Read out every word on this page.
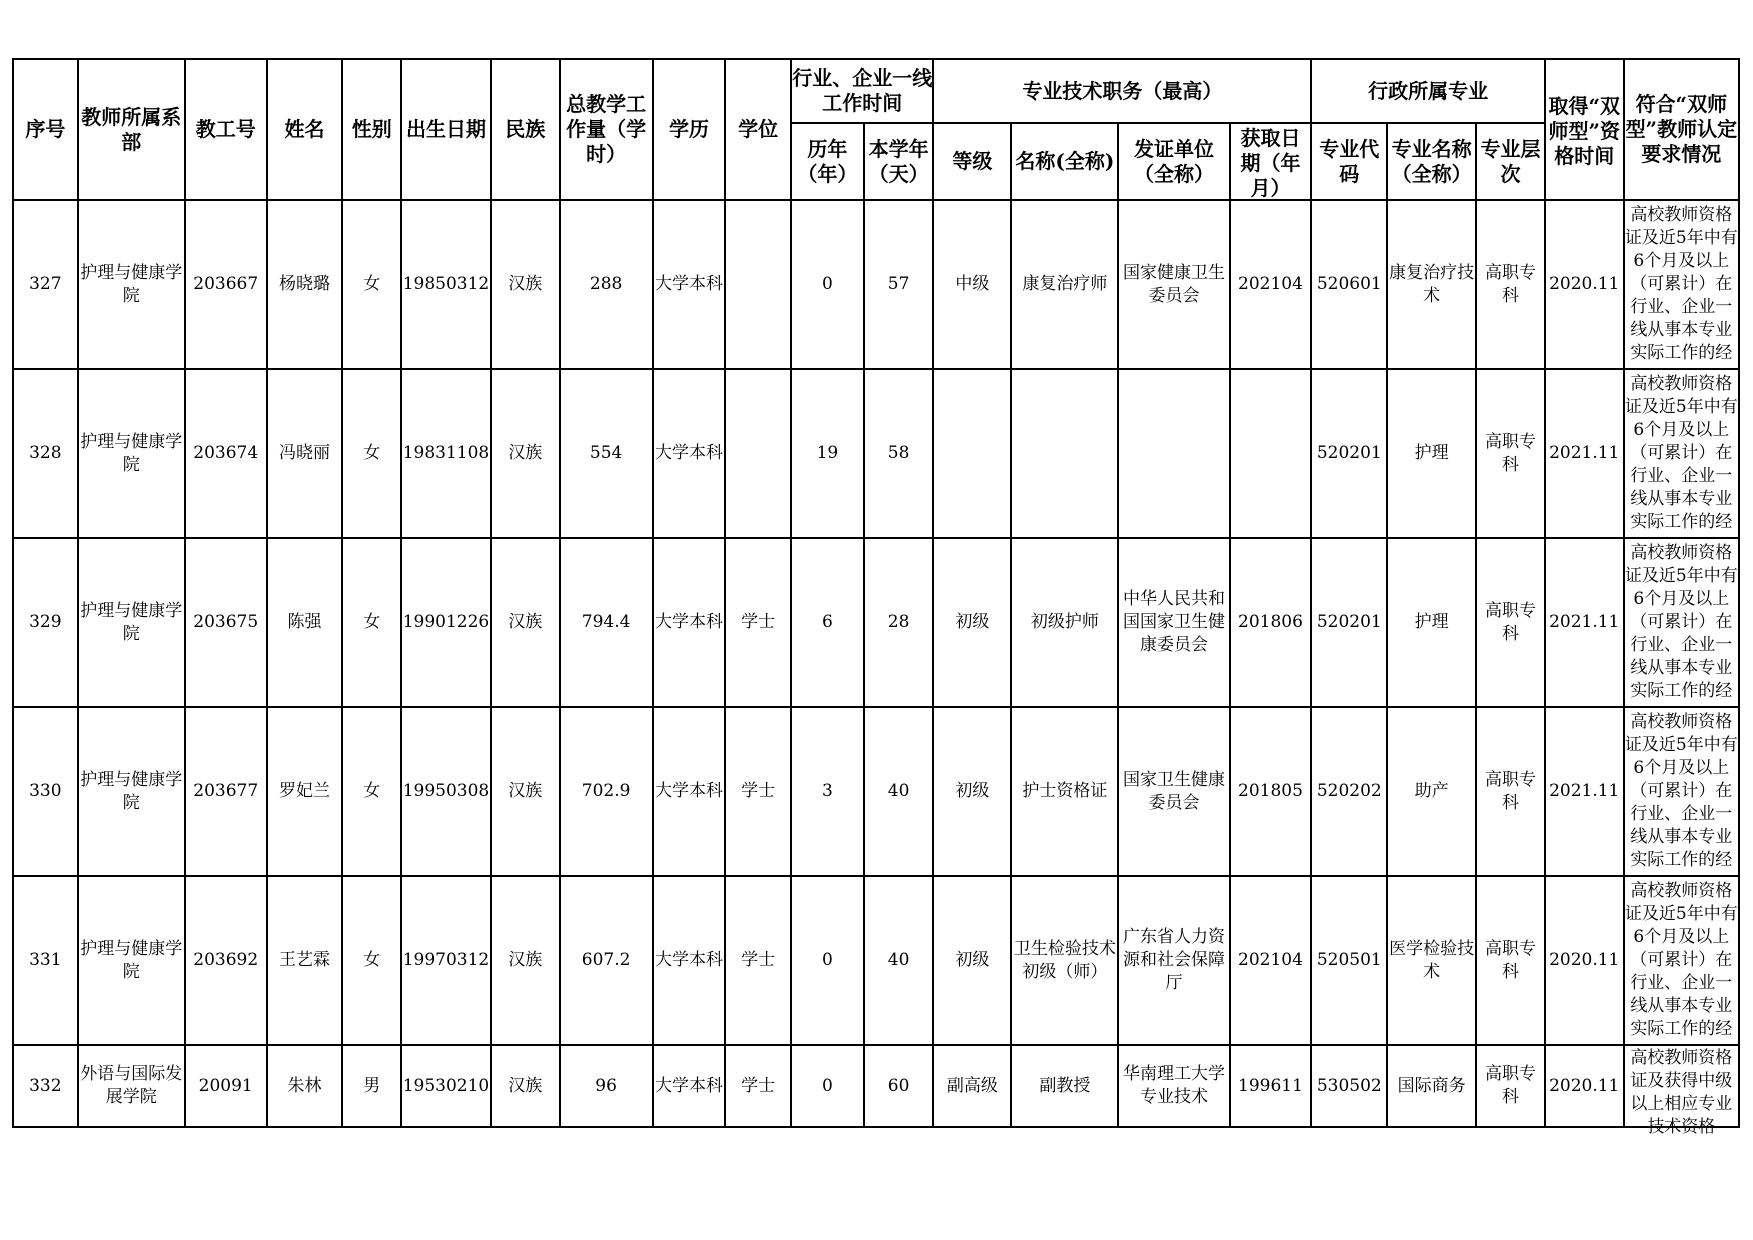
序号	教师所属系部	教工号	姓名	性别	出生日期	民族	总教学工作量（学时）	学历	学位	行业、企业一线工作时间		专业技术职务（最高）				行政所属专业			取得“双师型”资格时间	符合“双师型”教师认定要求情况

										历年（年）	本学年（天）	等级	名称(全称)	发证单位（全称）	获取日期（年月）	专业代码	专业名称（全称）	专业层次		

327	护理与健康学院	203667	杨晓璐	女	19850312	汉族	288	大学本科		0	57	中级	康复治疗师	国家健康卫生委员会	202104	520601	康复治疗技术	高职专科	2020.11	高校教师资格证及近5年中有6个月及以上（可累计）在行业、企业一线从事本专业实际工作的经

328	护理与健康学院	203674	冯晓丽	女	19831108	汉族	554	大学本科		19	58					520201	护理	高职专科	2021.11	高校教师资格证及近5年中有6个月及以上（可累计）在行业、企业一线从事本专业实际工作的经

329	护理与健康学院	203675	陈强	女	19901226	汉族	794.4	大学本科	学士	6	28	初级	初级护师	中华人民共和国国家卫生健康委员会	201806	520201	护理	高职专科	2021.11	高校教师资格证及近5年中有6个月及以上（可累计）在行业、企业一线从事本专业实际工作的经

330	护理与健康学院	203677	罗妃兰	女	19950308	汉族	702.9	大学本科	学士	3	40	初级	护士资格证	国家卫生健康委员会	201805	520202	助产	高职专科	2021.11	高校教师资格证及近5年中有6个月及以上（可累计）在行业、企业一线从事本专业实际工作的经

331	护理与健康学院	203692	王艺霖	女	19970312	汉族	607.2	大学本科	学士	0	40	初级	卫生检验技术初级（师）	广东省人力资源和社会保障厅	202104	520501	医学检验技术	高职专科	2020.11	高校教师资格证及近5年中有6个月及以上（可累计）在行业、企业一线从事本专业实际工作的经

332	外语与国际发展学院	20091	朱林	男	19530210	汉族	96	大学本科	学士	0	60	副高级	副教授	华南理工大学专业技术	199611	530502	国际商务	高职专科	2020.11	高校教师资格证及获得中级以上相应专业技术资格
